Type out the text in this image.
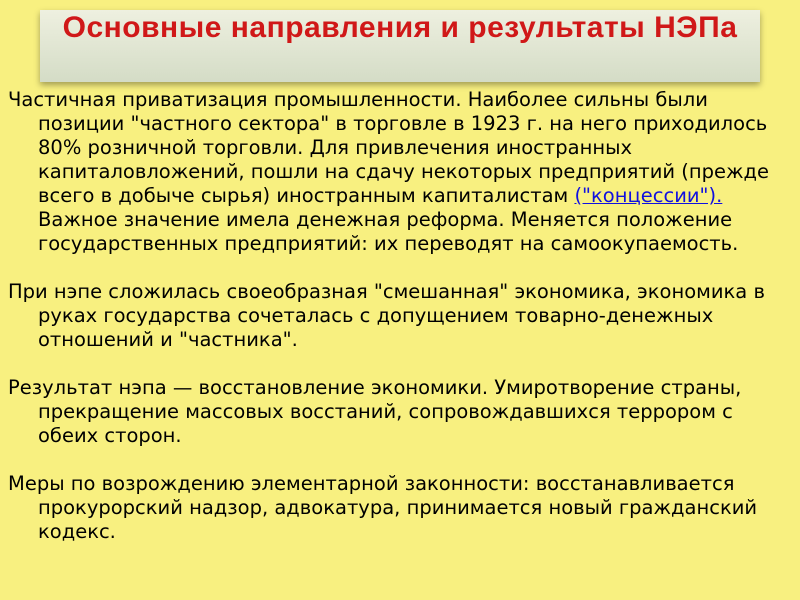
Основные направления и результаты НЭПа

Частичная приватизация промышленности. Наиболее сильны были позиции "частного сектора" в торговле в 1923 г. на него приходилось 80% розничной торговли. Для привлечения иностранных капиталовложений, пошли на сдачу некоторых предприятий (прежде всего в добыче сырья) иностранным капиталистам ("концессии"). Важное значение имела денежная реформа. Меняется положение государственных предприятий: их переводят на самоокупаемость.

При нэпе сложилась своеобразная "смешанная" экономика, экономика в руках государства сочеталась с допущением товарно-денежных отношений и "частника".

Результат нэпа — восстановление экономики. Умиротворение страны, прекращение массовых восстаний, сопровождавшихся террором с обеих сторон.

Меры по возрождению элементарной законности: восстанавливается прокурорский надзор, адвокатура, принимается новый гражданский кодекс.
